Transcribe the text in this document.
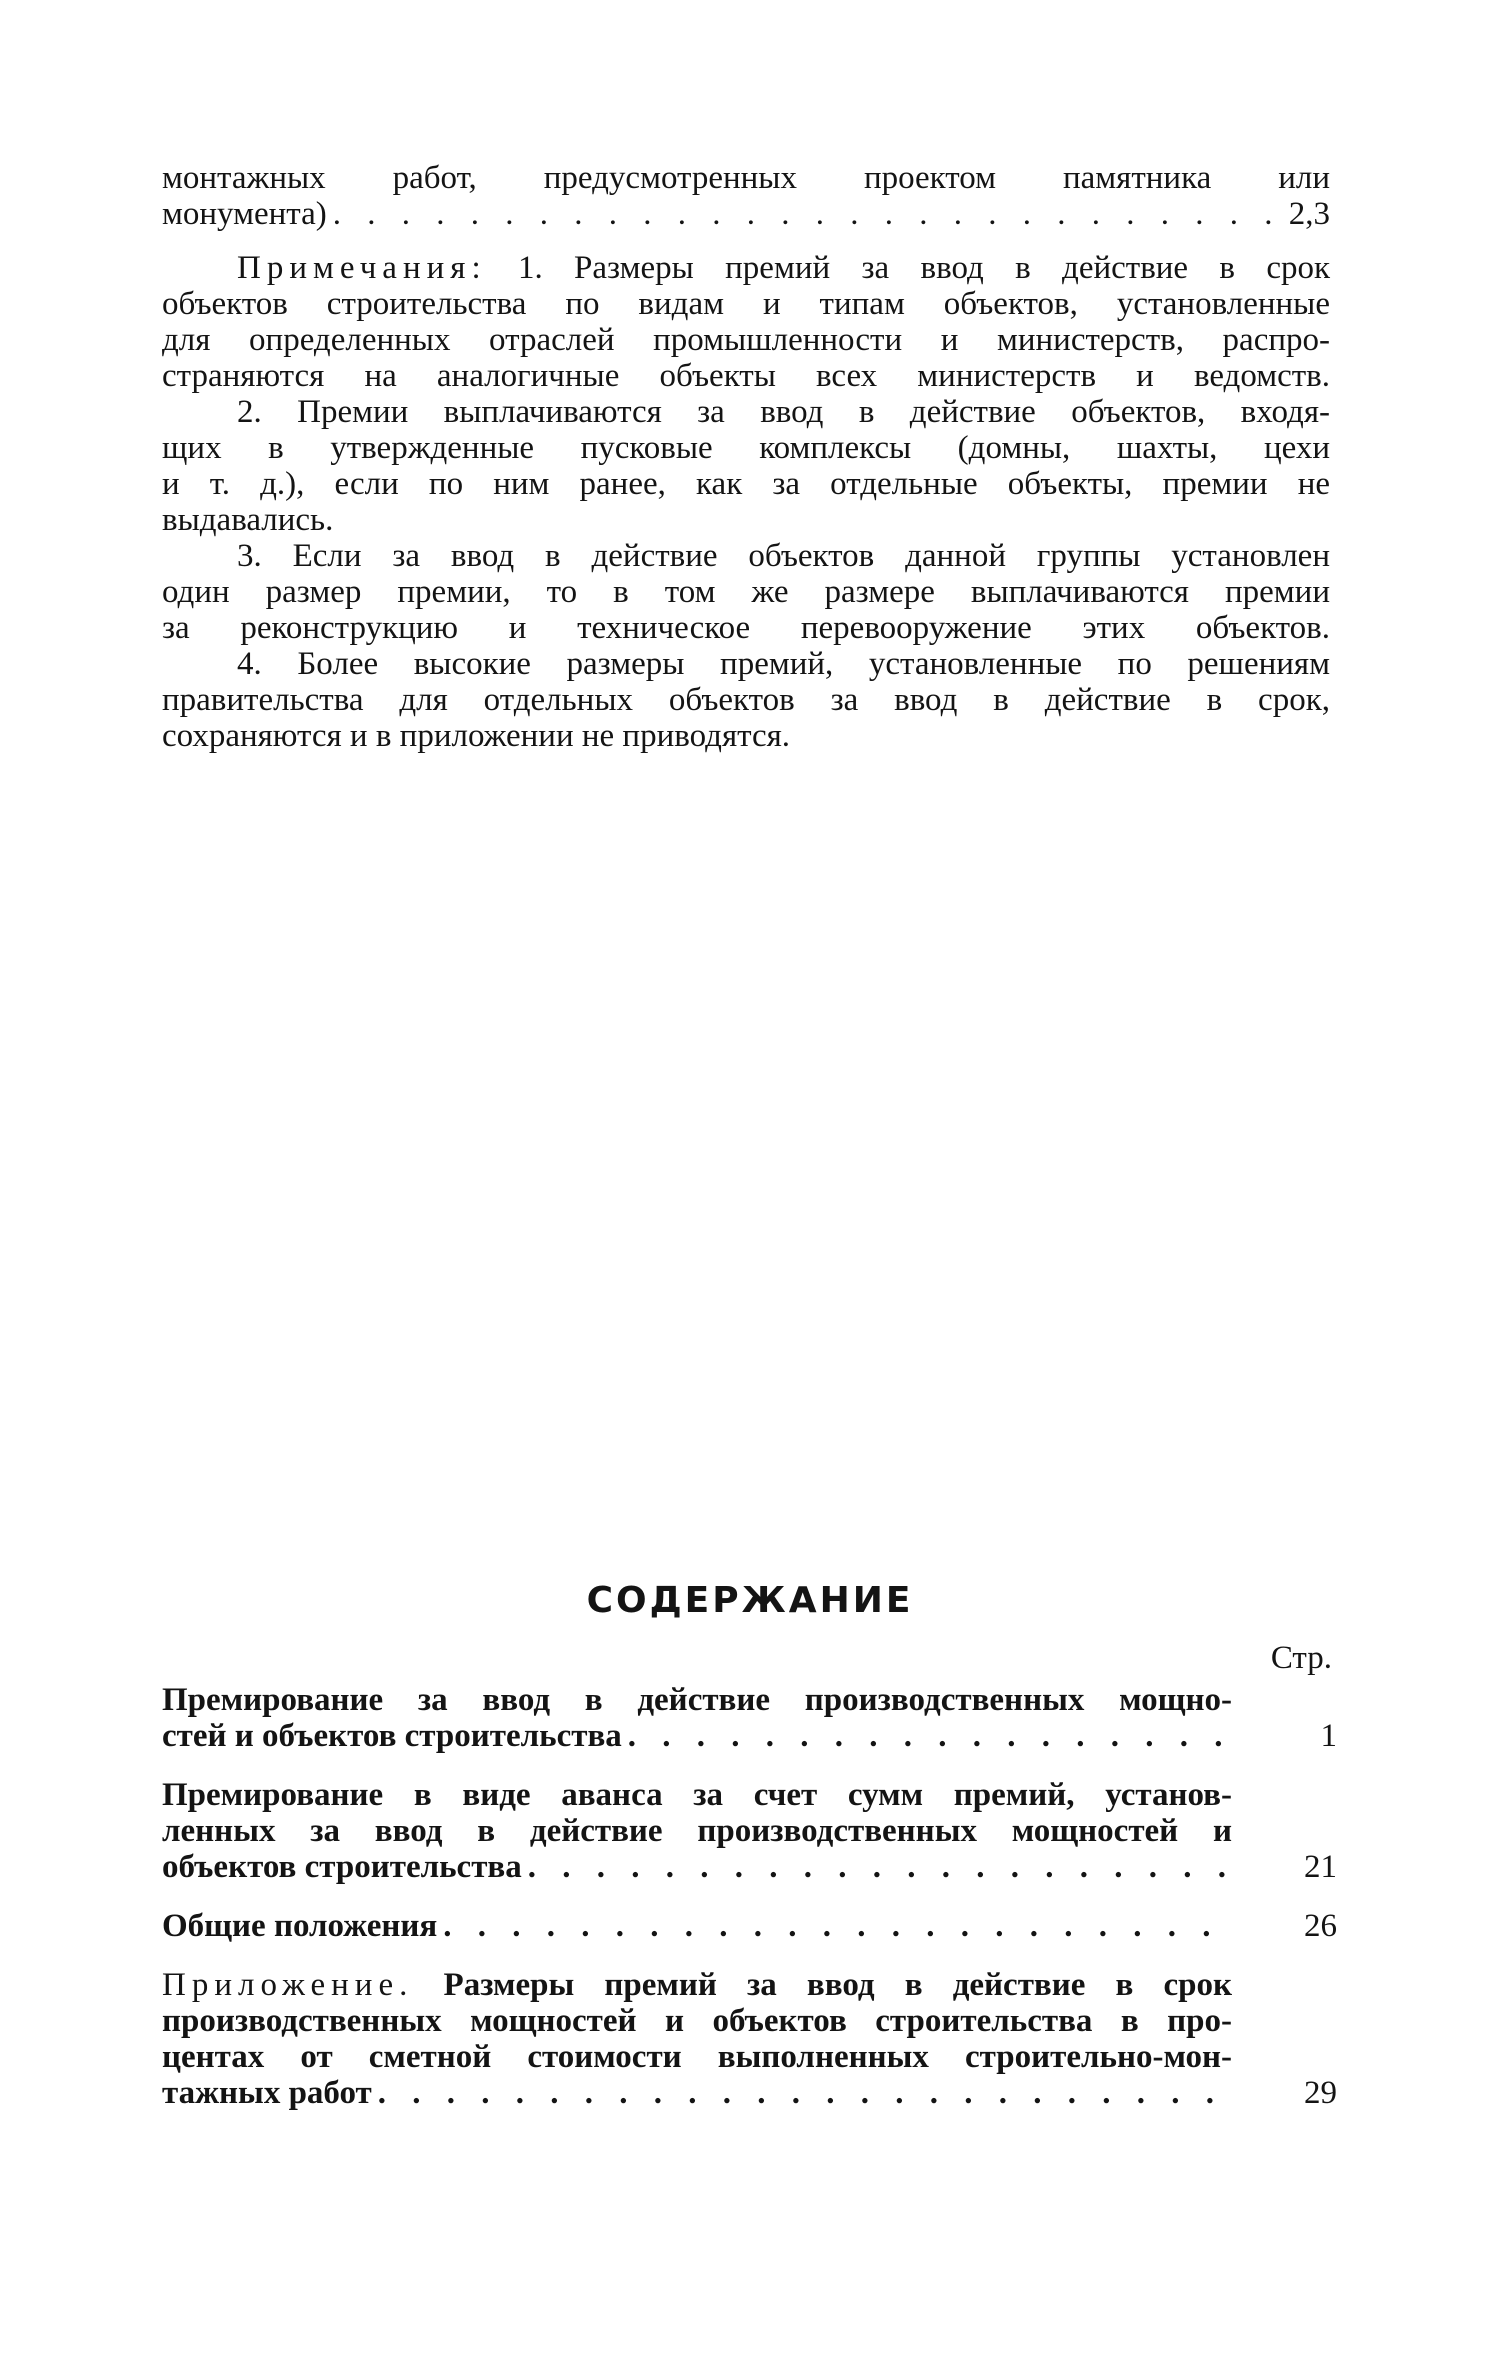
монтажных работ, предусмотренных проектом памятника или
монумента) . . .	2,3
Примечания: 1. Размеры премий за ввод в действие в срок
объектов строительства по видам и типам объектов, установленные
для определенных отраслей промышленности и министерств, распро-
страняются на аналогичные объекты всех министерств и ведомств.
2. Премии выплачиваются за ввод в действие объектов, входя-
щих в утвержденные пусковые комплексы (домны, шахты, цехи
и т. д.), если по ним ранее, как за отдельные объекты, премии не
выдавались.
3. Если за ввод в действие объектов данной группы установлен
один размер премии, то в том же размере выплачиваются премии
за реконструкцию и техническое перевооружение этих объектов.
4. Более высокие размеры премий, установленные по решениям
правительства для отдельных объектов за ввод в действие в срок,
сохраняются и в приложении не приводятся.
СОДЕРЖАНИЕ
Стр.
Премирование за ввод в действие производственных мощно-
стей и объектов строительства . . .	1
Премирование в виде аванса за счет сумм премий, установ-
ленных за ввод в действие производственных мощностей и
объектов строительства . . .	21
Общие положения . . .	26
Приложение. Размеры премий за ввод в действие в срок
производственных мощностей и объектов строительства в про-
центах от сметной стоимости выполненных строительно-мон-
тажных работ . . .	29
